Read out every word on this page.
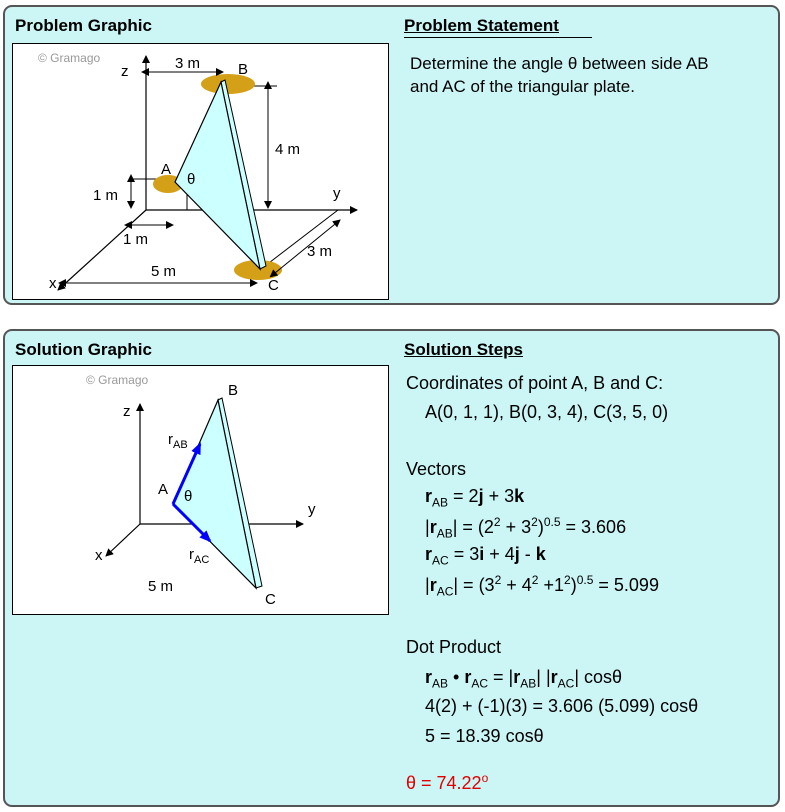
Problem Graphic	Problem Statement
Determine the angle θ between side AB
and AC of the triangular plate.
© Gramago
z
y
x
θ
A
B
C
3 m
4 m
1 m
1 m
5 m
3 m
Solution Graphic	Solution Steps
© Gramago
z
y
x
θ
A
B
C
$r_{AB}$
$r_{AC}$
5 m
Coordinates of point A, B and C:
A(0, 1, 1), B(0, 3, 4), C(3, 5, 0)
Vectors
$r_{AB} = 2j + 3k$
$|r_{AB}| = (2^2 + 3^2)^{0.5} = 3.606$
$r_{AC} = 3i + 4j - k$
$|r_{AC}| = (3^2 + 4^2 +1^2)^{0.5} = 5.099$
Dot Product
$r_{AB}$ • $r_{AC} = |r_{AB}|$ $|r_{AC}|$ cosθ
4(2) + (-1)(3) = 3.606 (5.099) cosθ
5 = 18.39 cosθ
$\theta = 74.22^o$
